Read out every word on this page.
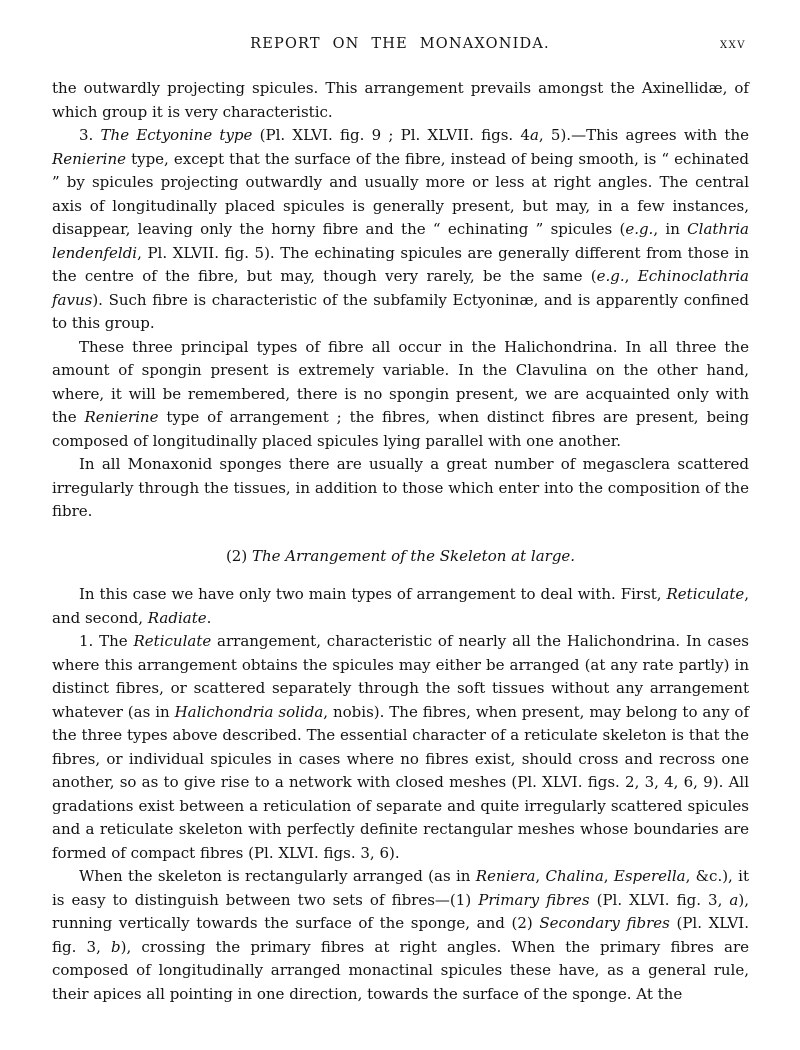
REPORT ON THE MONAXONIDA.	xxv

the outwardly projecting spicules. This arrangement prevails amongst the Axinellidæ, of which group it is very characteristic.

3. The Ectyonine type (Pl. XLVI. fig. 9 ; Pl. XLVII. figs. 4a, 5).—This agrees with the Renierine type, except that the surface of the fibre, instead of being smooth, is “ echinated ” by spicules projecting outwardly and usually more or less at right angles. The central axis of longitudinally placed spicules is generally present, but may, in a few instances, disappear, leaving only the horny fibre and the “ echinating ” spicules (e.g., in Clathria lendenfeldi, Pl. XLVII. fig. 5). The echinating spicules are generally different from those in the centre of the fibre, but may, though very rarely, be the same (e.g., Echinoclathria favus). Such fibre is characteristic of the subfamily Ectyoninæ, and is apparently confined to this group.

These three principal types of fibre all occur in the Halichondrina. In all three the amount of spongin present is extremely variable. In the Clavulina on the other hand, where, it will be remembered, there is no spongin present, we are acquainted only with the Renierine type of arrangement ; the fibres, when distinct fibres are present, being composed of longitudinally placed spicules lying parallel with one another.

In all Monaxonid sponges there are usually a great number of megasclera scattered irregularly through the tissues, in addition to those which enter into the composition of the fibre.

(2) The Arrangement of the Skeleton at large.

In this case we have only two main types of arrangement to deal with. First, Reticulate, and second, Radiate.

1. The Reticulate arrangement, characteristic of nearly all the Halichondrina. In cases where this arrangement obtains the spicules may either be arranged (at any rate partly) in distinct fibres, or scattered separately through the soft tissues without any arrangement whatever (as in Halichondria solida, nobis). The fibres, when present, may belong to any of the three types above described. The essential character of a reticulate skeleton is that the fibres, or individual spicules in cases where no fibres exist, should cross and recross one another, so as to give rise to a network with closed meshes (Pl. XLVI. figs. 2, 3, 4, 6, 9). All gradations exist between a reticulation of separate and quite irregularly scattered spicules and a reticulate skeleton with perfectly definite rectangular meshes whose boundaries are formed of compact fibres (Pl. XLVI. figs. 3, 6).

When the skeleton is rectangularly arranged (as in Reniera, Chalina, Esperella, &c.), it is easy to distinguish between two sets of fibres—(1) Primary fibres (Pl. XLVI. fig. 3, a), running vertically towards the surface of the sponge, and (2) Secondary fibres (Pl. XLVI. fig. 3, b), crossing the primary fibres at right angles. When the primary fibres are composed of longitudinally arranged monactinal spicules these have, as a general rule, their apices all pointing in one direction, towards the surface of the sponge. At the
